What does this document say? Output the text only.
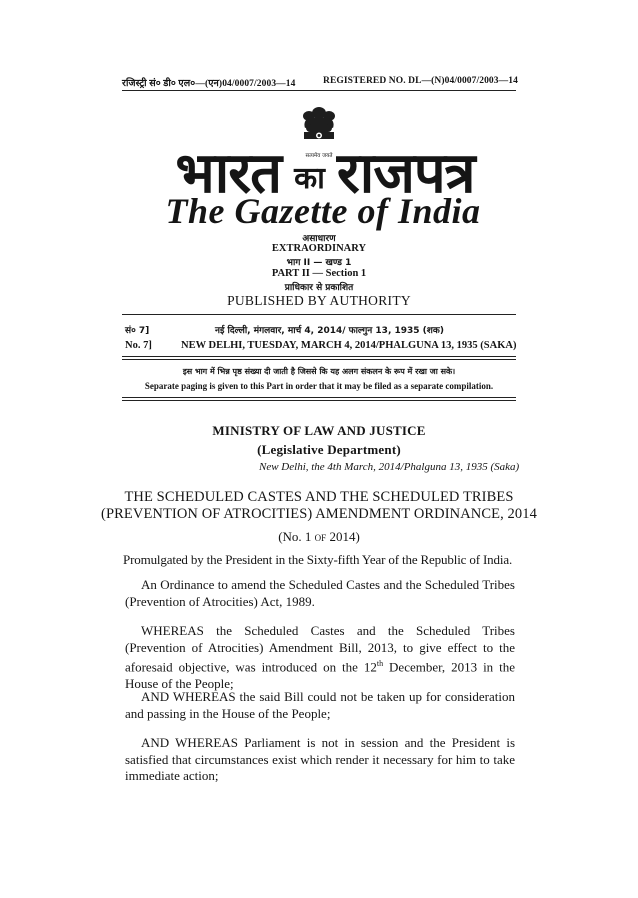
रजिस्ट्री सं० डी० एल०—(एन)04/0007/2003—14	REGISTERED NO. DL—(N)04/0007/2003—14
सत्यमेव जयते
भारत का राजपत्र
The Gazette of India
असाधारण
EXTRAORDINARY
भाग II — खण्ड 1
PART II — Section 1
प्राधिकार से प्रकाशित
PUBLISHED BY AUTHORITY
सं० 7]	नई दिल्ली, मंगलवार, मार्च 4, 2014/ फाल्गुन 13, 1935 (शक)
No. 7]	NEW DELHI, TUESDAY, MARCH 4, 2014/PHALGUNA 13, 1935 (SAKA)
इस भाग में भिन्न पृष्ठ संख्या दी जाती है जिससे कि यह अलग संकलन के रूप में रखा जा सके।
Separate paging is given to this Part in order that it may be filed as a separate compilation.
MINISTRY OF LAW AND JUSTICE
(Legislative Department)
New Delhi, the 4th March, 2014/Phalguna 13, 1935 (Saka)
THE SCHEDULED CASTES AND THE SCHEDULED TRIBES
(PREVENTION OF ATROCITIES) AMENDMENT ORDINANCE, 2014
(No. 1 OF 2014)
Promulgated by the President in the Sixty-fifth Year of the Republic of India.
An Ordinance to amend the Scheduled Castes and the Scheduled Tribes (Prevention of Atrocities) Act, 1989.
WHEREAS the Scheduled Castes and the Scheduled Tribes (Prevention of Atrocities) Amendment Bill, 2013, to give effect to the aforesaid objective, was introduced on the 12th December, 2013 in the House of the People;
AND WHEREAS the said Bill could not be taken up for consideration and passing in the House of the People;
AND WHEREAS Parliament is not in session and the President is satisfied that circumstances exist which render it necessary for him to take immediate action;
